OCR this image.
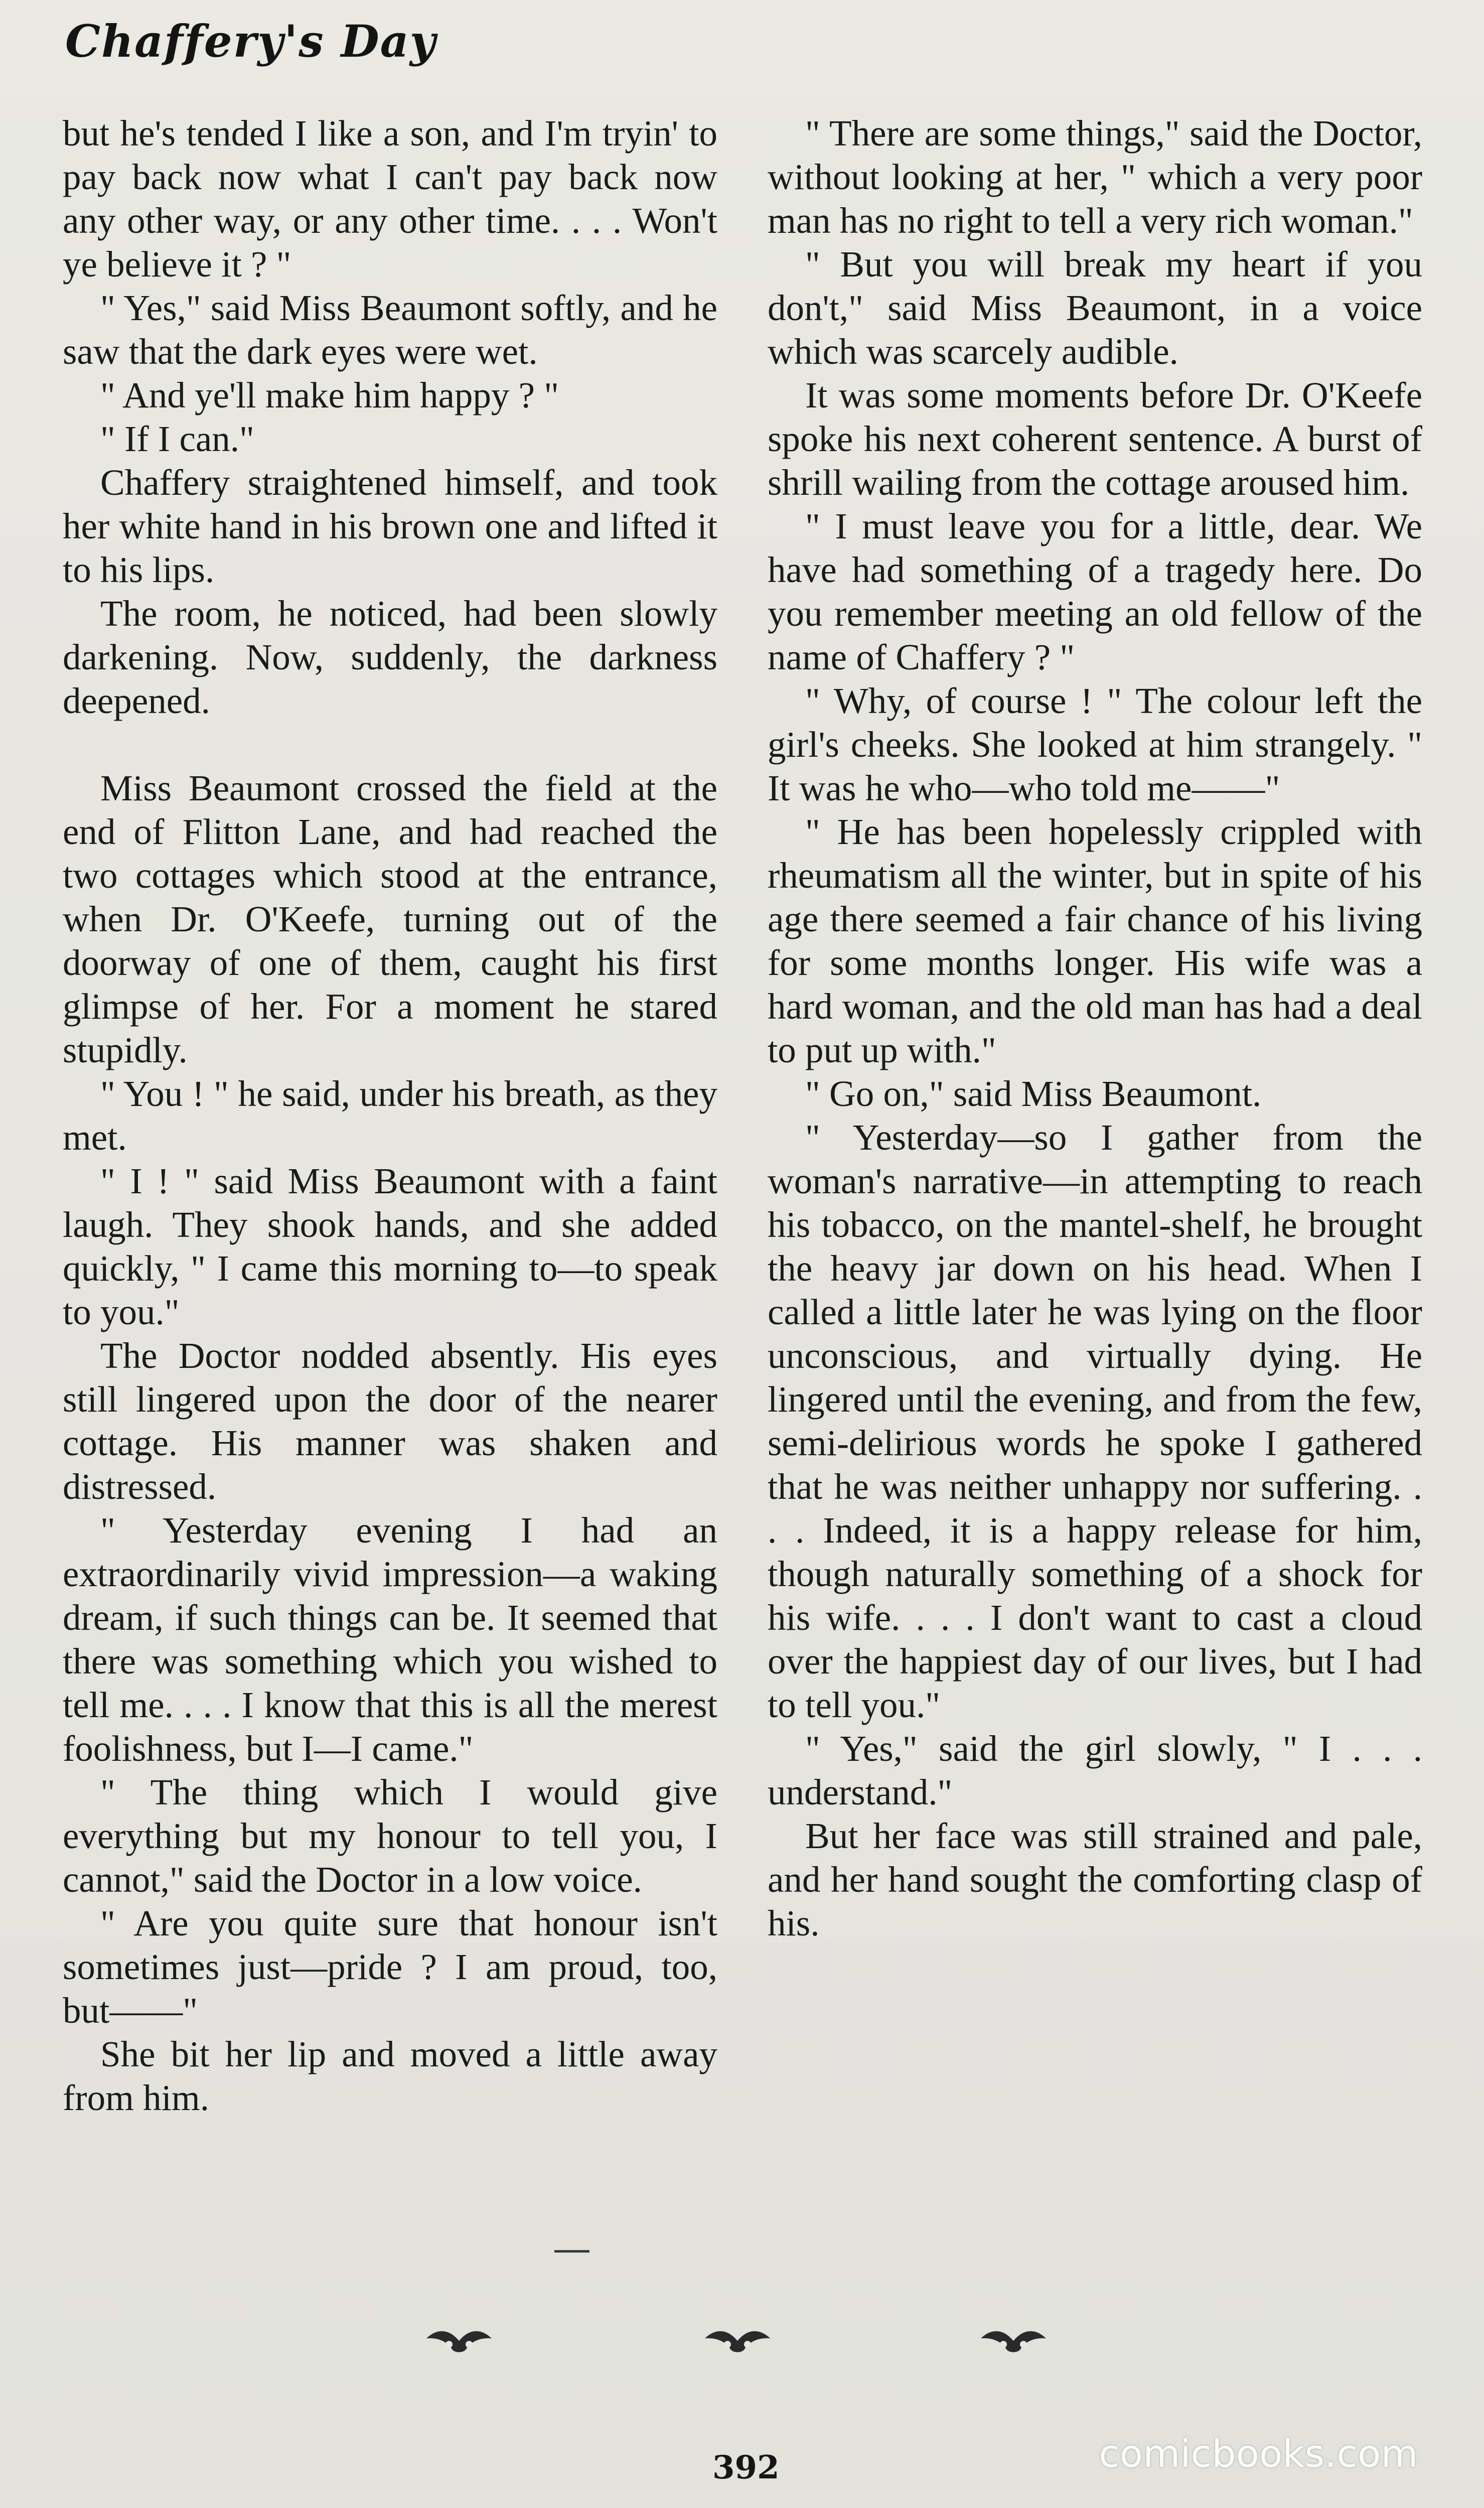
Chaffery's Day

but he's tended I like a son, and I'm tryin' to pay back now what I can't pay back now any other way, or any other time. . . . Won't ye believe it ? "

" Yes," said Miss Beaumont softly, and he saw that the dark eyes were wet.

" And ye'll make him happy ? "

" If I can."

Chaffery straightened himself, and took her white hand in his brown one and lifted it to his lips.

The room, he noticed, had been slowly darkening. Now, suddenly, the darkness deepened.

Miss Beaumont crossed the field at the end of Flitton Lane, and had reached the two cottages which stood at the entrance, when Dr. O'Keefe, turning out of the doorway of one of them, caught his first glimpse of her. For a moment he stared stupidly.

" You ! " he said, under his breath, as they met.

" I ! " said Miss Beaumont with a faint laugh. They shook hands, and she added quickly, " I came this morning to—to speak to you."

The Doctor nodded absently. His eyes still lingered upon the door of the nearer cottage. His manner was shaken and distressed.

" Yesterday evening I had an extraordinarily vivid impression—a waking dream, if such things can be. It seemed that there was something which you wished to tell me. . . . I know that this is all the merest foolishness, but I—I came."

" The thing which I would give everything but my honour to tell you, I cannot," said the Doctor in a low voice.

" Are you quite sure that honour isn't sometimes just—pride ? I am proud, too, but——"

She bit her lip and moved a little away from him.

" There are some things," said the Doctor, without looking at her, " which a very poor man has no right to tell a very rich woman."

" But you will break my heart if you don't," said Miss Beaumont, in a voice which was scarcely audible.

It was some moments before Dr. O'Keefe spoke his next coherent sentence. A burst of shrill wailing from the cottage aroused him.

" I must leave you for a little, dear. We have had something of a tragedy here. Do you remember meeting an old fellow of the name of Chaffery ? "

" Why, of course ! " The colour left the girl's cheeks. She looked at him strangely. " It was he who—who told me——"

" He has been hopelessly crippled with rheumatism all the winter, but in spite of his age there seemed a fair chance of his living for some months longer. His wife was a hard woman, and the old man has had a deal to put up with."

" Go on," said Miss Beaumont.

" Yesterday—so I gather from the woman's narrative—in attempting to reach his tobacco, on the mantel-shelf, he brought the heavy jar down on his head. When I called a little later he was lying on the floor unconscious, and virtually dying. He lingered until the evening, and from the few, semi-delirious words he spoke I gathered that he was neither unhappy nor suffering. . . . Indeed, it is a happy release for him, though naturally something of a shock for his wife. . . . I don't want to cast a cloud over the happiest day of our lives, but I had to tell you."

" Yes," said the girl slowly, " I . . . understand."

But her face was still strained and pale, and her hand sought the comforting clasp of his.

392	comicbooks.com
